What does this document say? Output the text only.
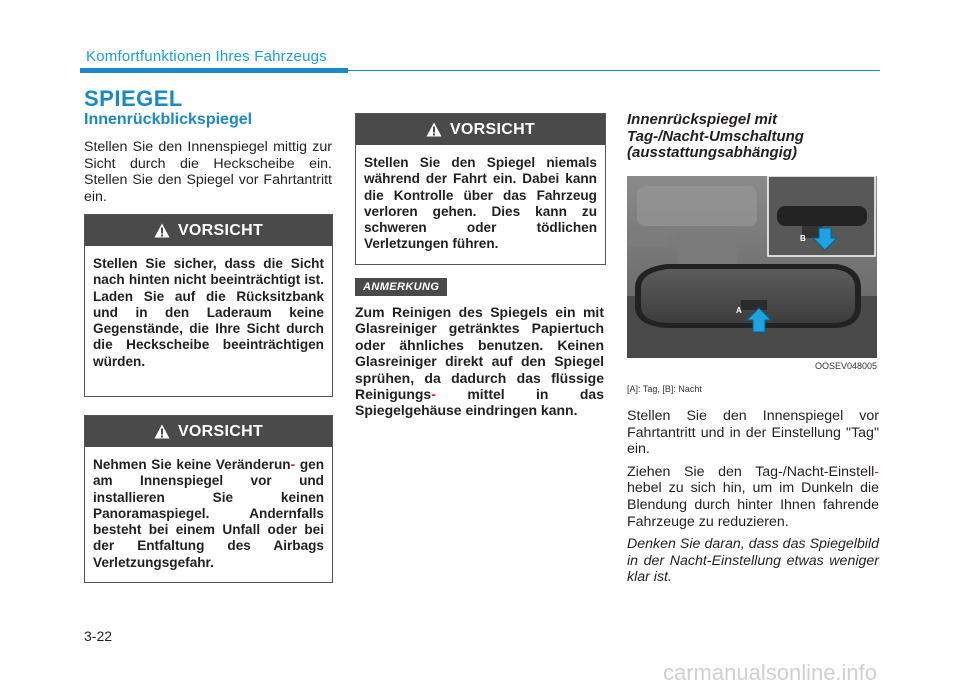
Komfortfunktionen Ihres Fahrzeugs
SPIEGEL
Innenrückblickspiegel

Stellen Sie den Innenspiegel mittig zur Sicht durch die Heckscheibe ein. Stellen Sie den Spiegel vor Fahrtantritt ein.

VORSICHT
Stellen Sie sicher, dass die Sicht nach hinten nicht beeinträchtigt ist. Laden Sie auf die Rücksitzbank und in den Laderaum keine Gegenstände, die Ihre Sicht durch die Heckscheibe beeinträchtigen würden.
VORSICHT
Nehmen Sie keine Veränderun- gen am Innenspiegel vor und installieren Sie keinen Panoramaspiegel. Andernfalls besteht bei einem Unfall oder bei der Entfaltung des Airbags Verletzungsgefahr.
VORSICHT
Stellen Sie den Spiegel niemals während der Fahrt ein. Dabei kann die Kontrolle über das Fahrzeug verloren gehen. Dies kann zu schweren oder tödlichen Verletzungen führen.
ANMERKUNG
Zum Reinigen des Spiegels ein mit Glasreiniger getränktes Papiertuch oder ähnliches benutzen. Keinen Glasreiniger direkt auf den Spiegel sprühen, da dadurch das flüssige Reinigungs- mittel in das Spiegelgehäuse eindringen kann.
Innenrückspiegel mit
Tag-/Nacht-Umschaltung
(ausstattungsabhängig)
A
B
OOSEV048005
[A]: Tag, [B]: Nacht

Stellen Sie den Innenspiegel vor Fahrtantritt und in der Einstellung "Tag" ein.

Ziehen Sie den Tag-/Nacht-Einstell- hebel zu sich hin, um im Dunkeln die Blendung durch hinter Ihnen fahrende Fahrzeuge zu reduzieren.

Denken Sie daran, dass das Spiegelbild in der Nacht-Einstellung etwas weniger klar ist.

3-22
carmanualsonline.info
